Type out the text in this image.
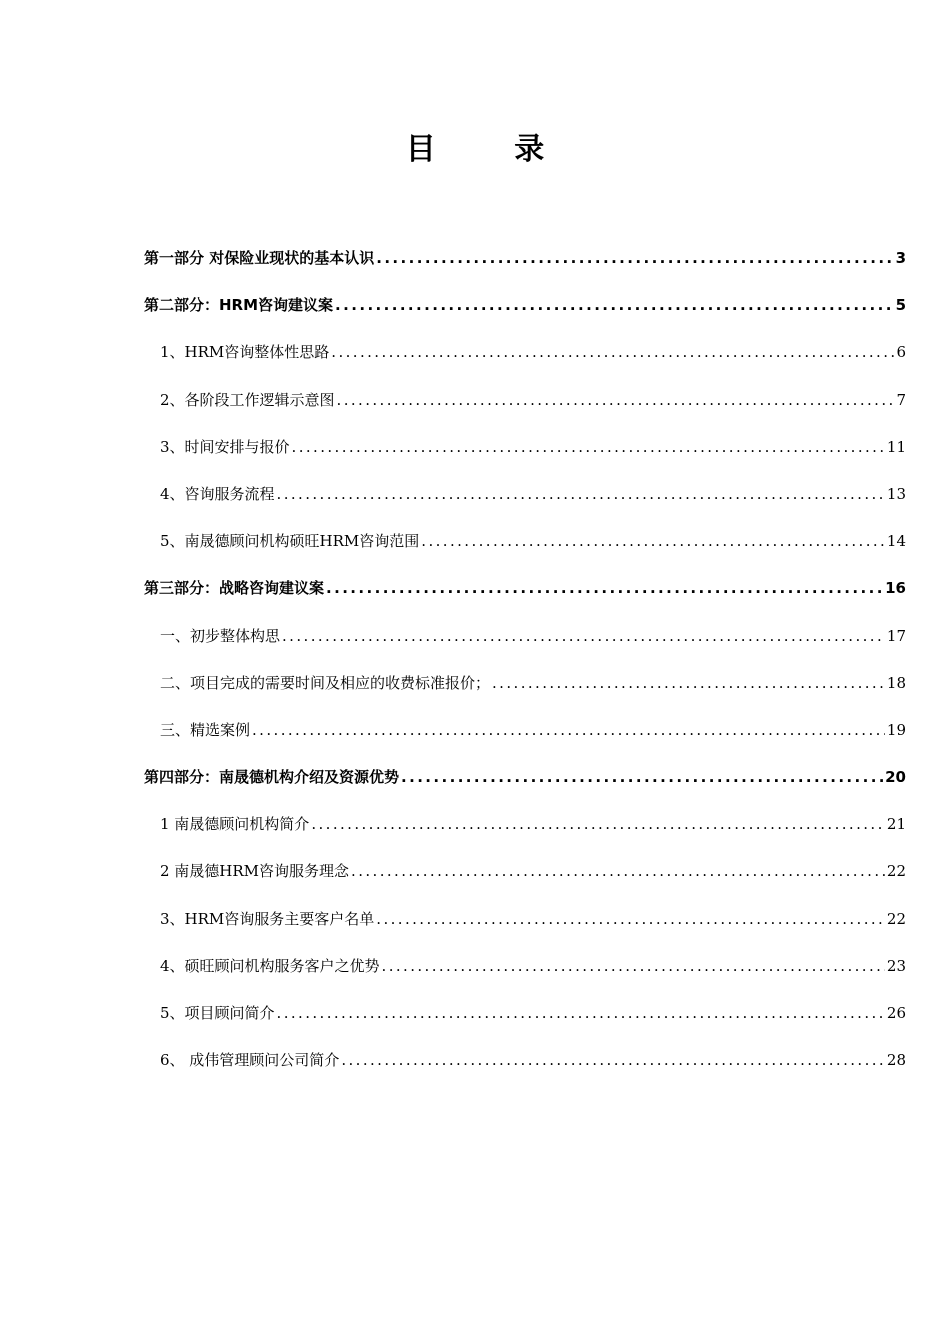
目 录
第一部分 对保险业现状的基本认识 .....	3
第二部分：HRM咨询建议案 .....	5
1、HRM咨询整体性思路 .....	6
2、各阶段工作逻辑示意图 .....	7
3、时间安排与报价 .....	11
4、咨询服务流程 .....	13
5、南晟德顾问机构硕旺HRM咨询范围 .....	14
第三部分：战略咨询建议案 .....	16
一、初步整体构思 .....	17
二、项目完成的需要时间及相应的收费标准报价； .....	18
三、精选案例 .....	19
第四部分：南晟德机构介绍及资源优势 .....	20
1 南晟德顾问机构简介 .....	21
2 南晟德HRM咨询服务理念 .....	22
3、HRM咨询服务主要客户名单 .....	22
4、硕旺顾问机构服务客户之优势 .....	23
5、项目顾问简介 .....	26
6、 成伟管理顾问公司简介 .....	28
